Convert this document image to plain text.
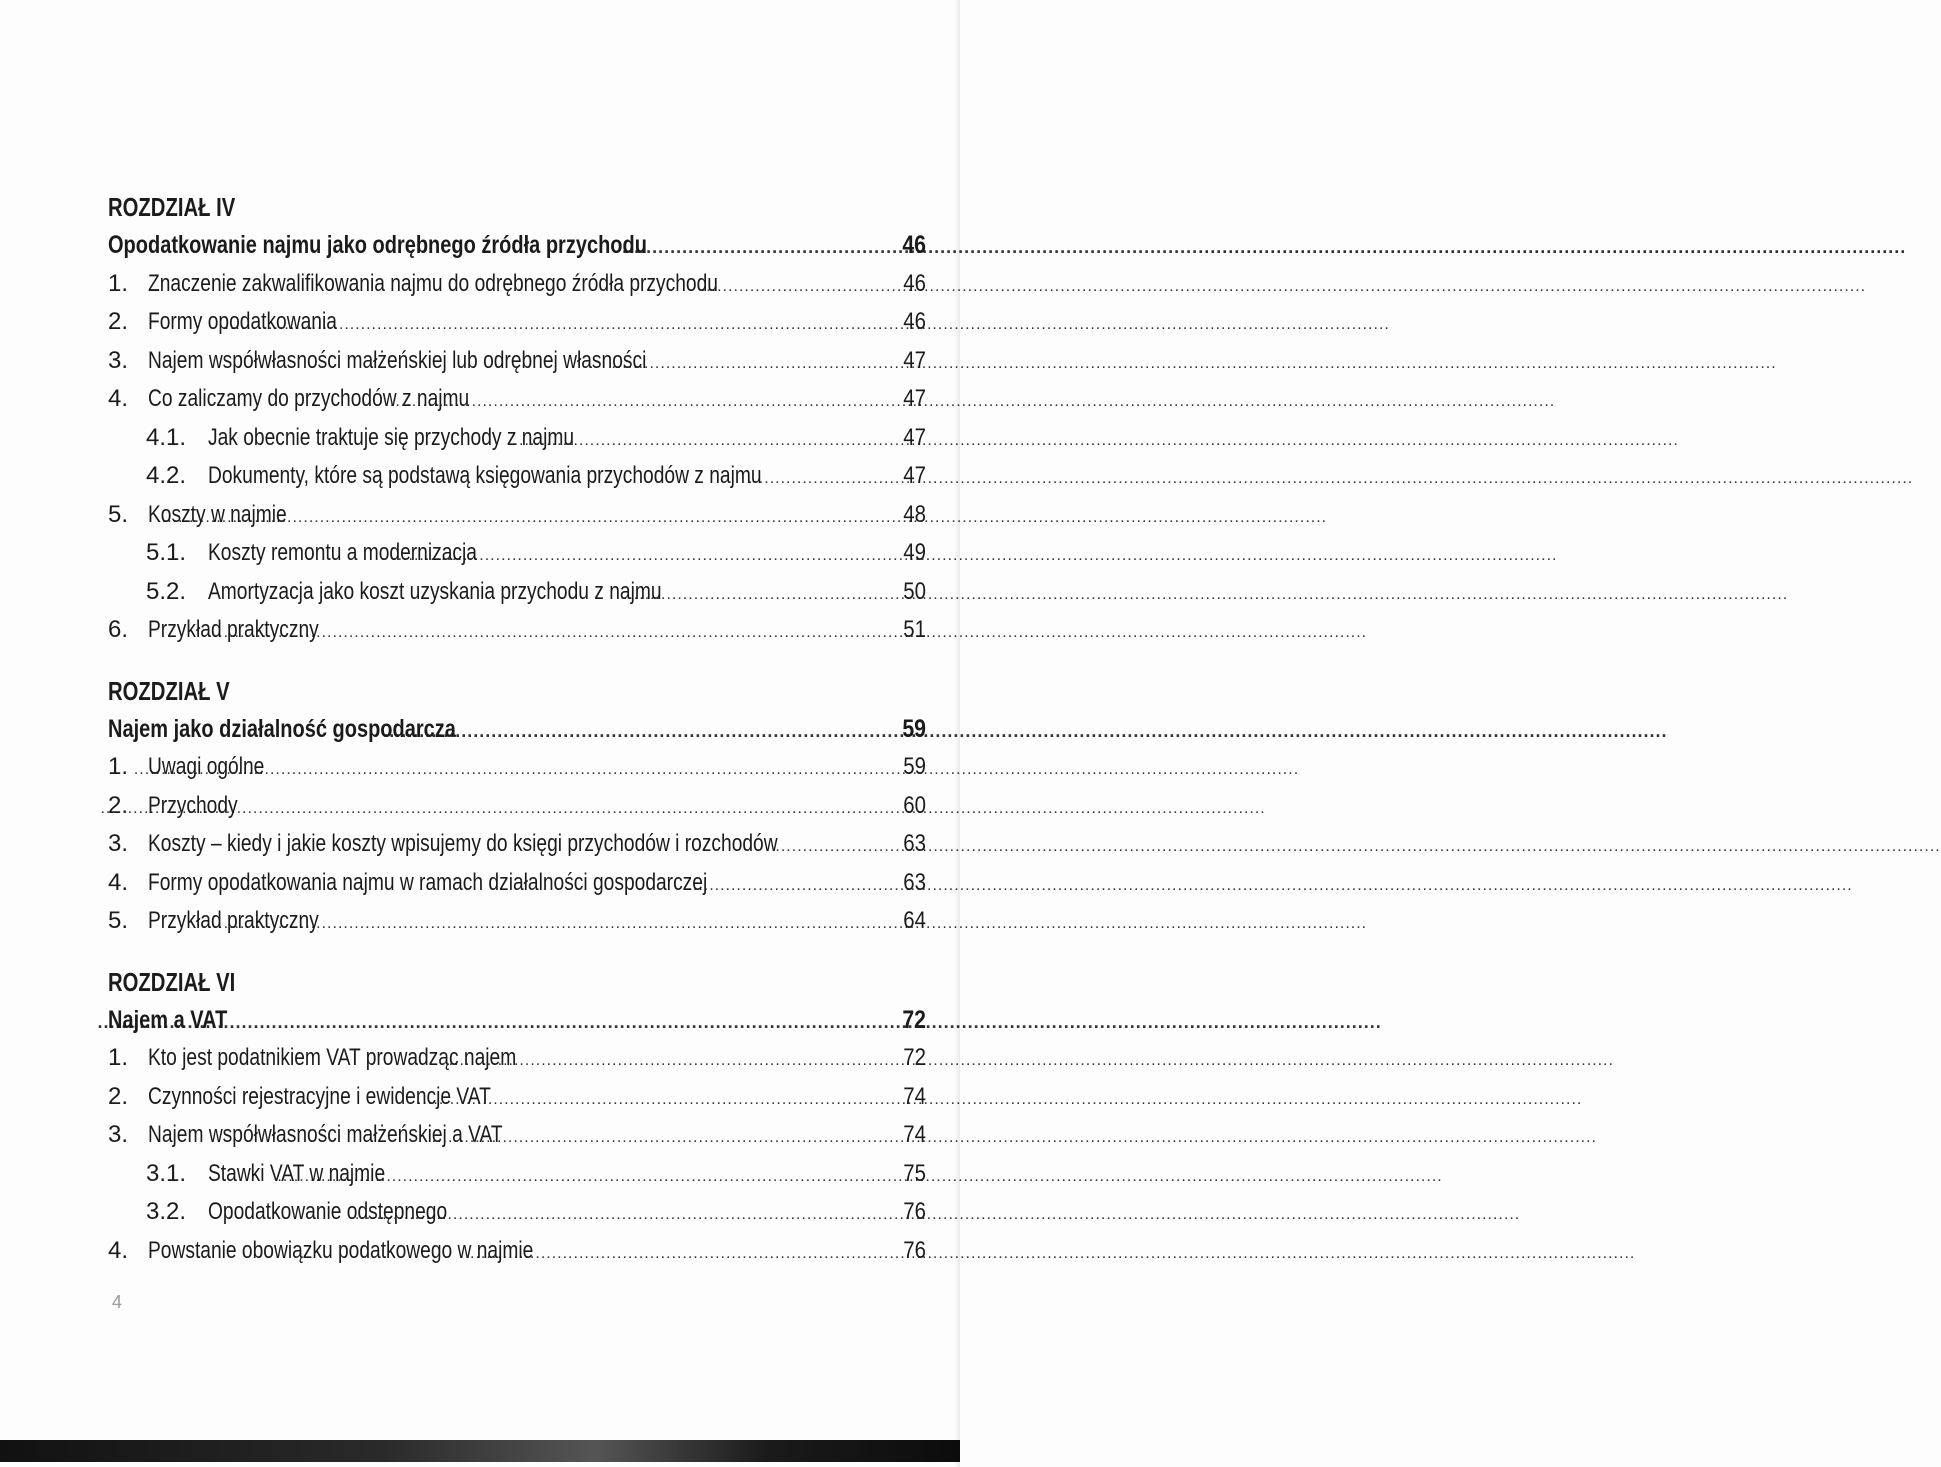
ROZDZIAŁ IV
Opodatkowanie najmu jako odrębnego źródła przychodu .....	46
1. Znaczenie zakwalifikowania najmu do odrębnego źródła przychodu .....	46
2. Formy opodatkowania .....	46
3. Najem współwłasności małżeńskiej lub odrębnej własności .....	47
4. Co zaliczamy do przychodów z najmu .....	47
4.1. Jak obecnie traktuje się przychody z najmu .....	47
4.2. Dokumenty, które są podstawą księgowania przychodów z najmu .....	47
5. Koszty w najmie .....	48
5.1. Koszty remontu a modernizacja .....	49
5.2. Amortyzacja jako koszt uzyskania przychodu z najmu .....	50
6. Przykład praktyczny .....	51
ROZDZIAŁ V
Najem jako działalność gospodarcza .....	59
1. Uwagi ogólne .....	59
2. Przychody .....	60
3. Koszty – kiedy i jakie koszty wpisujemy do księgi przychodów i rozchodów .....	63
4. Formy opodatkowania najmu w ramach działalności gospodarczej .....	63
5. Przykład praktyczny .....	64
ROZDZIAŁ VI
Najem a VAT .....	72
1. Kto jest podatnikiem VAT prowadząc najem .....	72
2. Czynności rejestracyjne i ewidencje VAT .....	74
3. Najem współwłasności małżeńskiej a VAT .....	74
3.1. Stawki VAT w najmie .....	75
3.2. Opodatkowanie odstępnego .....	76
4. Powstanie obowiązku podatkowego w najmie .....	76
4
